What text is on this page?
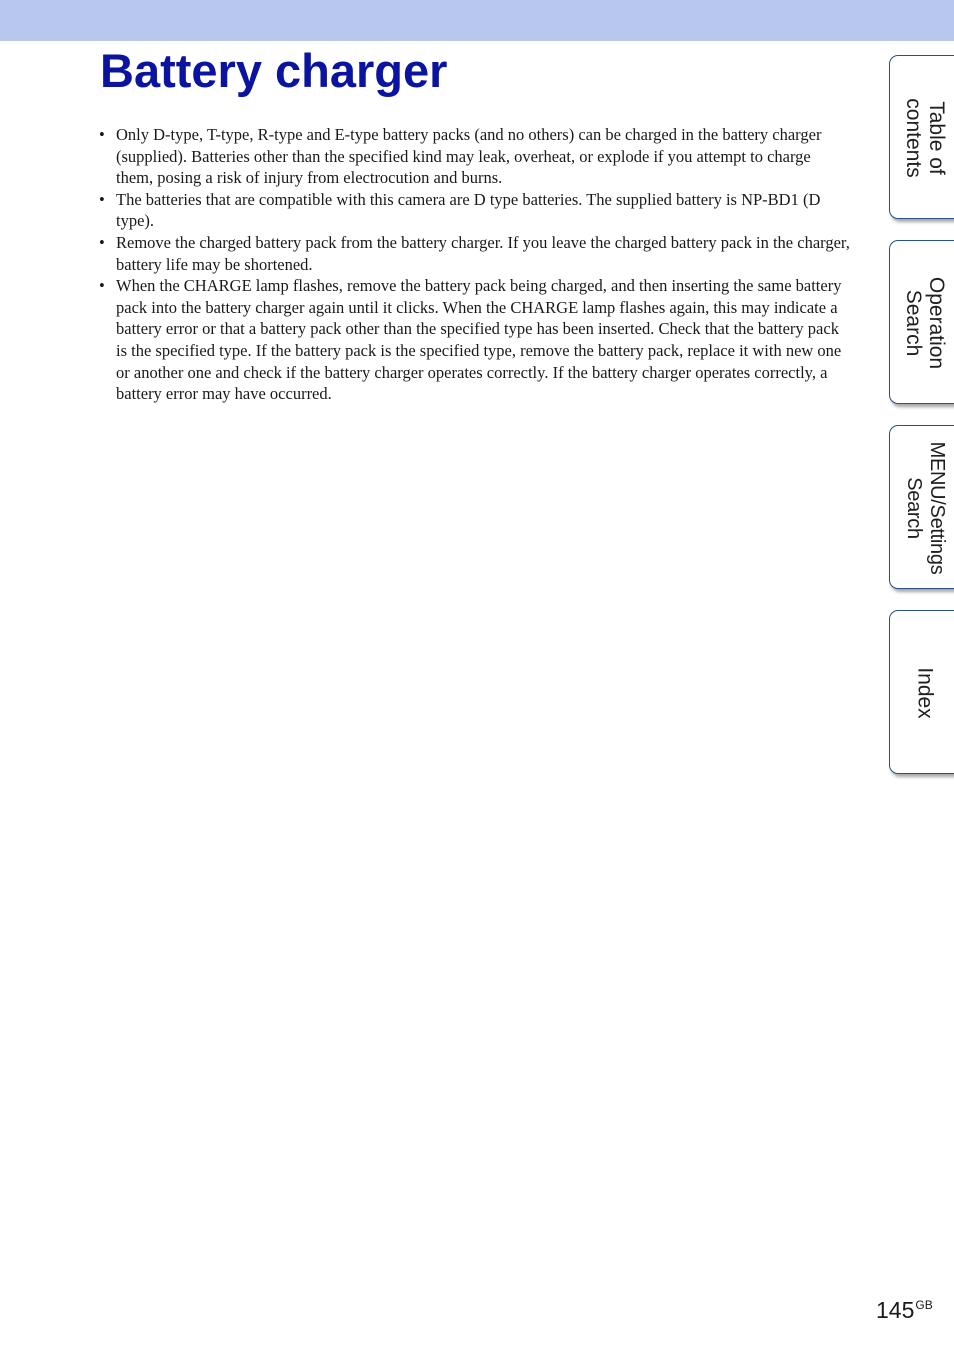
Battery charger
• Only D-type, T-type, R-type and E-type battery packs (and no others) can be charged in the battery charger (supplied). Batteries other than the specified kind may leak, overheat, or explode if you attempt to charge them, posing a risk of injury from electrocution and burns.
• The batteries that are compatible with this camera are D type batteries. The supplied battery is NP-BD1 (D type).
• Remove the charged battery pack from the battery charger. If you leave the charged battery pack in the charger, battery life may be shortened.
• When the CHARGE lamp flashes, remove the battery pack being charged, and then inserting the same battery pack into the battery charger again until it clicks. When the CHARGE lamp flashes again, this may indicate a battery error or that a battery pack other than the specified type has been inserted. Check that the battery pack is the specified type. If the battery pack is the specified type, remove the battery pack, replace it with new one or another one and check if the battery charger operates correctly. If the battery charger operates correctly, a battery error may have occurred.
Table of
contents
Operation
Search
MENU/Settings
Search
Index
$145^{GB}$
